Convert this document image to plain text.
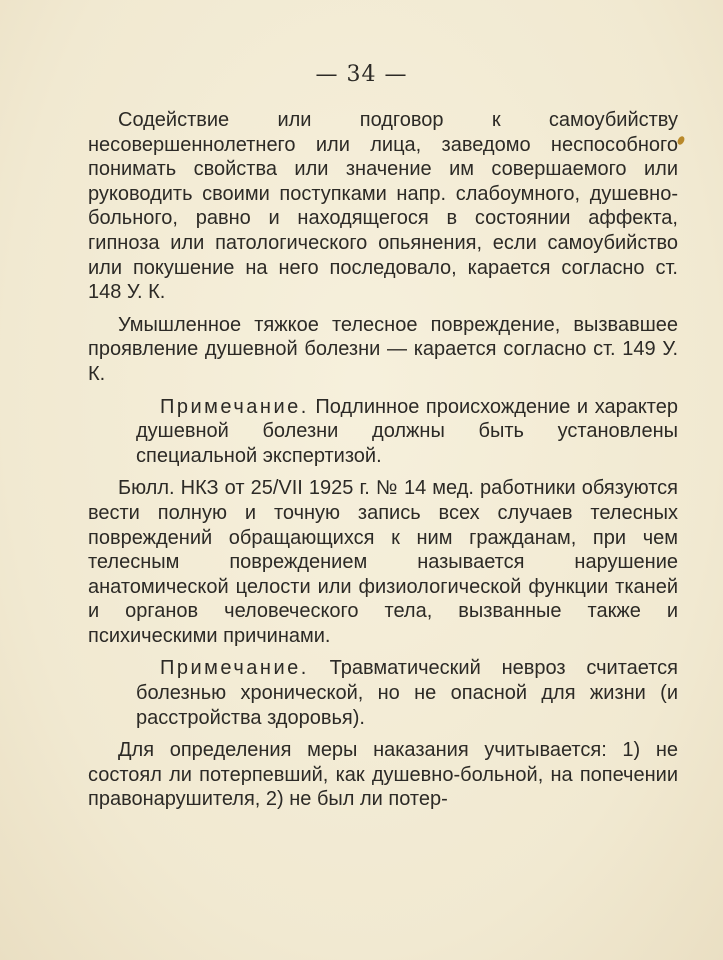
— 34 —

Содействие или подговор к самоубийству несовершеннолетнего или лица, заведомо неспособного понимать свойства или значение им совершаемого или руководить своими поступками напр. слабоумного, душевно-больного, равно и находящегося в состоянии аффекта, гипноза или патологического опьянения, если самоубийство или покушение на него последовало, карается согласно ст. 148 У. К.

Умышленное тяжкое телесное повреждение, вызвавшее проявление душевной болезни — карается согласно ст. 149 У. К.

Примечание. Подлинное происхождение и характер душевной болезни должны быть установлены специальной экспертизой.

Бюлл. НКЗ от 25/VII 1925 г. № 14 мед. работники обязуются вести полную и точную запись всех случаев телесных повреждений обращающихся к ним гражданам, при чем телесным повреждением называется нарушение анатомической целости или физиологической функции тканей и органов человеческого тела, вызванные также и психическими причинами.

Примечание. Травматический невроз считается болезнью хронической, но не опасной для жизни (и расстройства здоровья).

Для определения меры наказания учитывается: 1) не состоял ли потерпевший, как душевно-больной, на попечении правонарушителя, 2) не был ли потер-
